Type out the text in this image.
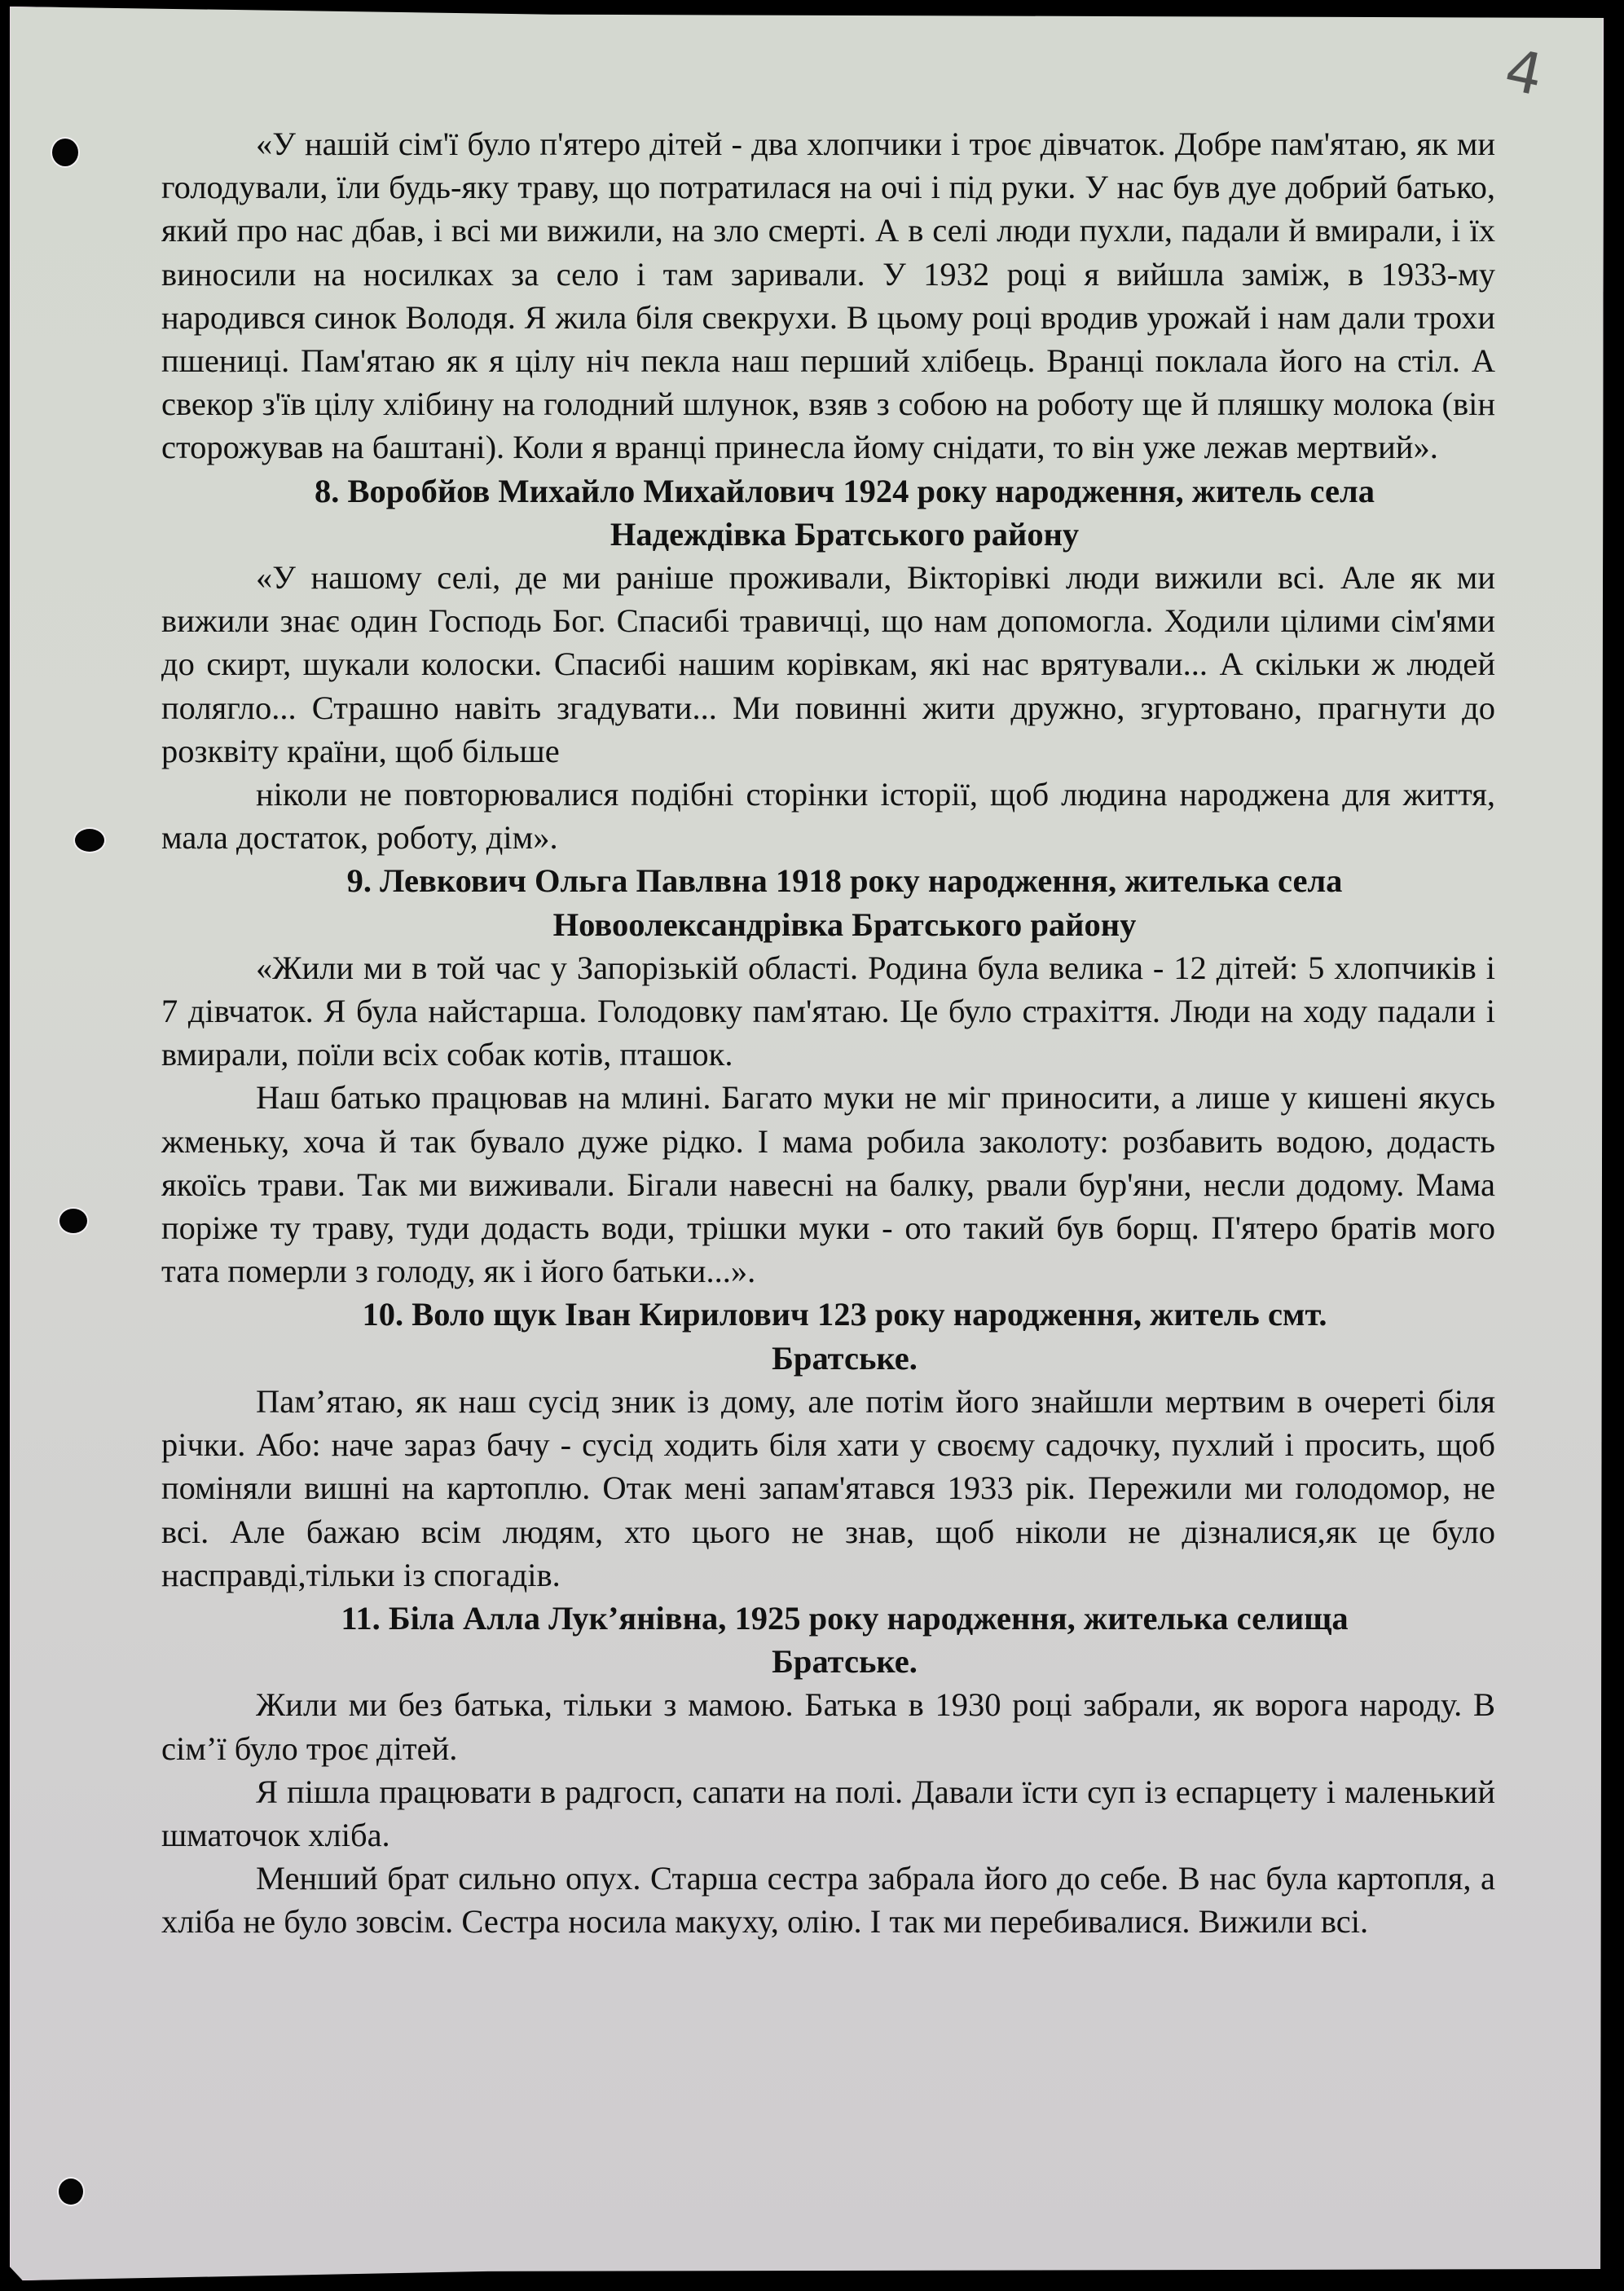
4

«У нашій сім'ї було п'ятеро дітей - два хлопчики і троє дівчаток. Добре пам'ятаю, як ми голодували, їли будь-яку траву, що потратилася на очі і під руки. У нас був дуе добрий батько, який про нас дбав, і всі ми вижили, на зло смерті. А в селі люди пухли, падали й вмирали, і їх виносили на носилках за село і там заривали. У 1932 році я вийшла заміж, в 1933-му народився синок Володя. Я жила біля свекрухи. В цьому році вродив урожай і нам дали трохи пшениці. Пам'ятаю як я цілу ніч пекла наш перший хлібець. Вранці поклала його на стіл. А свекор з'їв цілу хлібину на голодний шлунок, взяв з собою на роботу ще й пляшку молока (він сторожував на баштані). Коли я вранці принесла йому снідати, то він уже лежав мертвий».

8. Воробйов Михайло Михайлович 1924 року народження, житель села
Надеждівка Братського району

«У нашому селі, де ми раніше проживали, Вікторівкі люди вижили всі. Але як ми вижили знає один Господь Бог. Спасибі травичці, що нам допомогла. Ходили цілими сім'ями до скирт, шукали колоски. Спасибі нашим корівкам, які нас врятували... А скільки ж людей полягло... Страшно навіть згадувати... Ми повинні жити дружно, згуртовано, прагнути до розквіту країни, щоб більше

ніколи не повторювалися подібні сторінки історії, щоб людина народжена для життя, мала достаток, роботу, дім».

9. Левкович Ольга Павлвна 1918 року народження, жителька села
Новоолександрівка Братського району

«Жили ми в той час у Запорізькій області. Родина була велика - 12 дітей: 5 хлопчиків і 7 дівчаток. Я була найстарша. Голодовку пам'ятаю. Це було страхіття. Люди на ходу падали і вмирали, поїли всіх собак котів, пташок.

Наш батько працював на млині. Багато муки не міг приносити, а лише у кишені якусь жменьку, хоча й так бувало дуже рідко. І мама робила заколоту: розбавить водою, додасть якоїсь трави. Так ми виживали. Бігали навесні на балку, рвали бур'яни, несли додому. Мама поріже ту траву, туди додасть води, трішки муки - ото такий був борщ. П'ятеро братів мого тата померли з голоду, як і його батьки...».

10. Воло щук Іван Кирилович 123 року народження, житель смт.
Братське.

Пам’ятаю, як наш сусід зник із дому, але потім його знайшли мертвим в очереті біля річки. Або: наче зараз бачу - сусід ходить біля хати у своєму садочку, пухлий і просить, щоб поміняли вишні на картоплю. Отак мені запам'ятався 1933 рік. Пережили ми голодомор, не всі. Але бажаю всім людям, хто цього не знав, щоб ніколи не дізналися,як це було насправді,тільки із спогадів.

11. Біла Алла Лук’янівна, 1925 року народження, жителька селища
Братське.

Жили ми без батька, тільки з мамою. Батька в 1930 році забрали, як ворога народу. В сім’ї було троє дітей.

Я пішла працювати в радгосп, сапати на полі. Давали їсти суп із еспарцету і маленький шматочок хліба.

Менший брат сильно опух. Старша сестра забрала його до себе. В нас була картопля, а хліба не було зовсім. Сестра носила макуху, олію. І так ми перебивалися. Вижили всі.
